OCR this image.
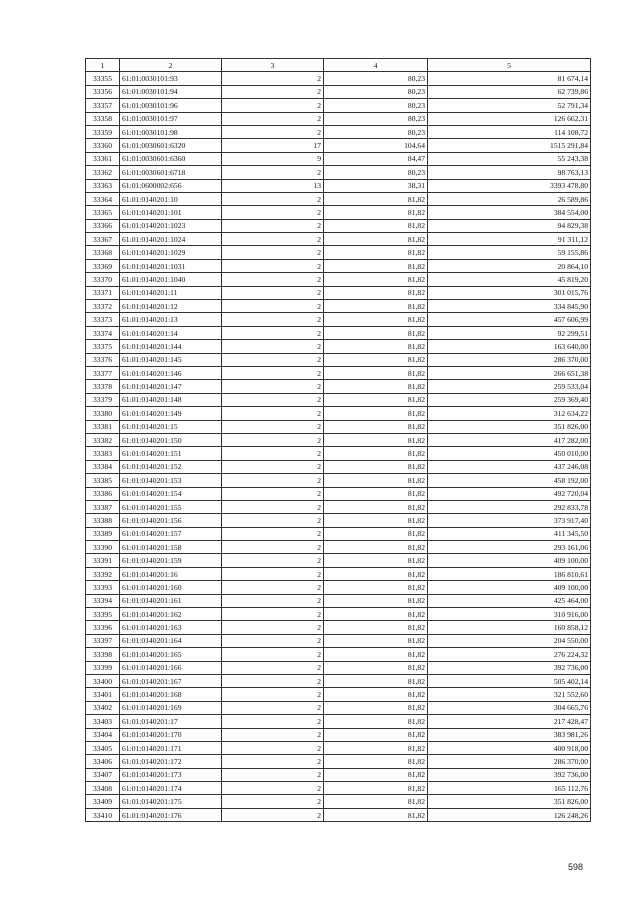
1	2	3	4	5
33355	61:01:0030101:93	2	80,23	81 674,14
33356	61:01:0030101:94	2	80,23	62 739,86
33357	61:01:0030101:96	2	80,23	52 791,34
33358	61:01:0030101:97	2	80,23	126 662,31
33359	61:01:0030101:98	2	80,23	114 108,72
33360	61:01:0030601:6320	17	104,64	1515 291,84
33361	61:01:0030601:6360	9	84,47	55 243,38
33362	61:01:0030601:6718	2	80,23	98 763,13
33363	61:01:0600002:656	13	38,31	3393 478,80
33364	61:01:0140201:10	2	81,82	26 589,86
33365	61:01:0140201:101	2	81,82	384 554,00
33366	61:01:0140201:1023	2	81,82	94 829,38
33367	61:01:0140201:1024	2	81,82	91 311,12
33368	61:01:0140201:1029	2	81,82	59 155,86
33369	61:01:0140201:1031	2	81,82	20 864,10
33370	61:01:0140201:1040	2	81,82	45 819,20
33371	61:01:0140201:11	2	81,82	301 015,76
33372	61:01:0140201:12	2	81,82	334 845,90
33373	61:01:0140201:13	2	81,82	457 606,99
33374	61:01:0140201:14	2	81,82	92 299,51
33375	61:01:0140201:144	2	81,82	163 640,00
33376	61:01:0140201:145	2	81,82	286 370,00
33377	61:01:0140201:146	2	81,82	266 651,38
33378	61:01:0140201:147	2	81,82	259 533,04
33379	61:01:0140201:148	2	81,82	259 369,40
33380	61:01:0140201:149	2	81,82	312 634,22
33381	61:01:0140201:15	2	81,82	351 826,00
33382	61:01:0140201:150	2	81,82	417 282,00
33383	61:01:0140201:151	2	81,82	450 010,00
33384	61:01:0140201:152	2	81,82	437 246,08
33385	61:01:0140201:153	2	81,82	458 192,00
33386	61:01:0140201:154	2	81,82	492 720,04
33387	61:01:0140201:155	2	81,82	292 833,78
33388	61:01:0140201:156	2	81,82	373 917,40
33389	61:01:0140201:157	2	81,82	411 345,50
33390	61:01:0140201:158	2	81,82	293 161,06
33391	61:01:0140201:159	2	81,82	409 100,00
33392	61:01:0140201:16	2	81,82	186 810,61
33393	61:01:0140201:160	2	81,82	409 100,00
33394	61:01:0140201:161	2	81,82	425 464,00
33395	61:01:0140201:162	2	81,82	310 916,00
33396	61:01:0140201:163	2	81,82	160 858,12
33397	61:01:0140201:164	2	81,82	204 550,00
33398	61:01:0140201:165	2	81,82	276 224,32
33399	61:01:0140201:166	2	81,82	392 736,00
33400	61:01:0140201:167	2	81,82	505 402,14
33401	61:01:0140201:168	2	81,82	321 552,60
33402	61:01:0140201:169	2	81,82	304 665,76
33403	61:01:0140201:17	2	81,82	217 428,47
33404	61:01:0140201:170	2	81,82	383 981,26
33405	61:01:0140201:171	2	81,82	400 918,00
33406	61:01:0140201:172	2	81,82	286 370,00
33407	61:01:0140201:173	2	81,82	392 736,00
33408	61:01:0140201:174	2	81,82	165 112,76
33409	61:01:0140201:175	2	81,82	351 826,00
33410	61:01:0140201:176	2	81,82	126 248,26
598
